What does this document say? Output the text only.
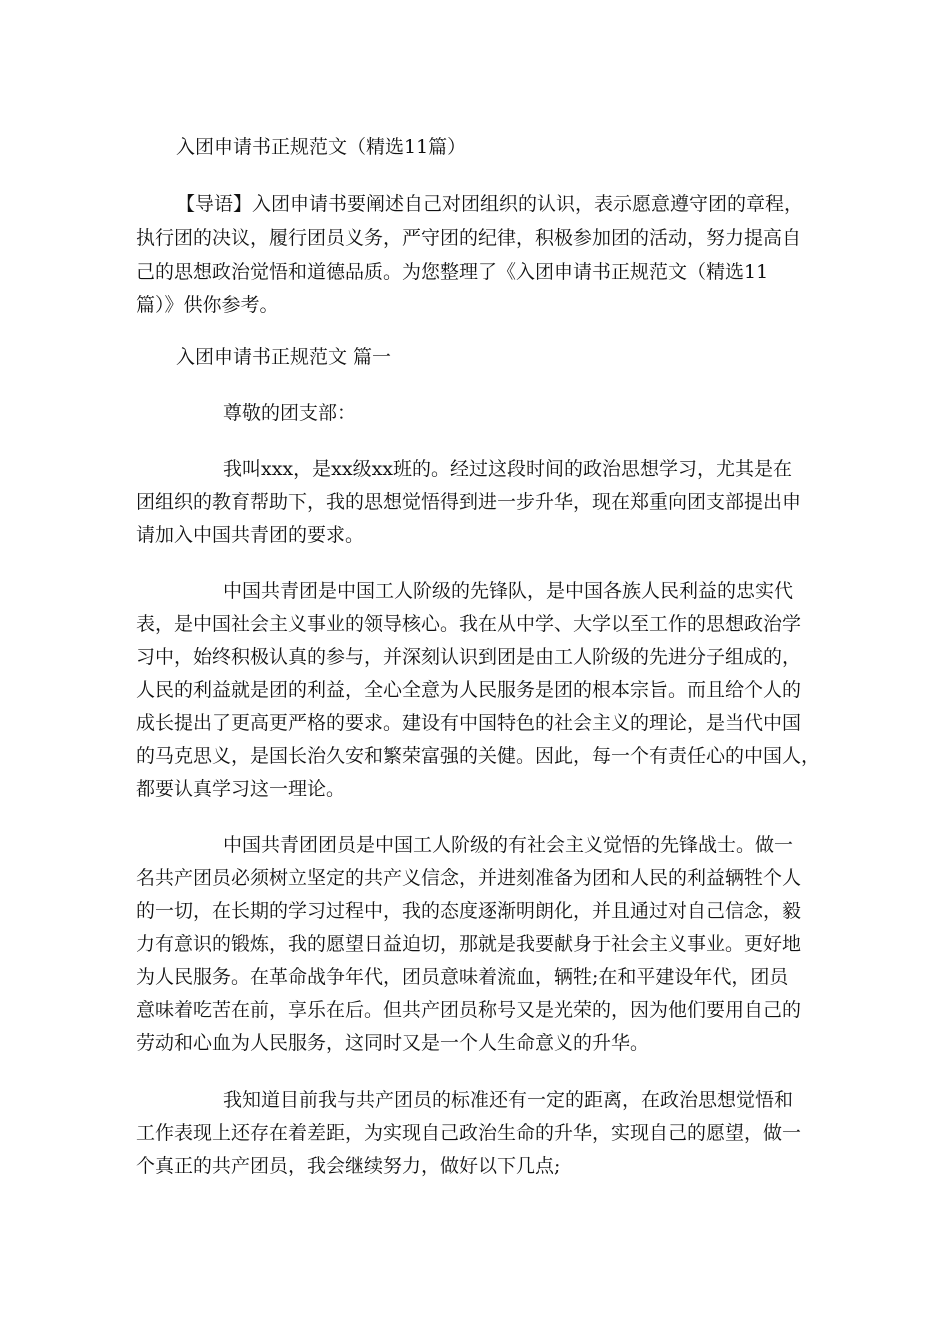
入团申请书正规范文（精选11篇）
【导语】入团申请书要阐述自己对团组织的认识，表示愿意遵守团的章程，
执行团的决议，履行团员义务，严守团的纪律，积极参加团的活动，努力提高自
己的思想政治觉悟和道德品质。为您整理了《入团申请书正规范文（精选11
篇）》供你参考。
入团申请书正规范文 篇一
尊敬的团支部：
我叫xxx，是xx级xx班的。经过这段时间的政治思想学习，尤其是在
团组织的教育帮助下，我的思想觉悟得到进一步升华，现在郑重向团支部提出申
请加入中国共青团的要求。
中国共青团是中国工人阶级的先锋队，是中国各族人民利益的忠实代
表，是中国社会主义事业的领导核心。我在从中学、大学以至工作的思想政治学
习中，始终积极认真的参与，并深刻认识到团是由工人阶级的先进分子组成的，
人民的利益就是团的利益，全心全意为人民服务是团的根本宗旨。而且给个人的
成长提出了更高更严格的要求。建设有中国特色的社会主义的理论，是当代中国
的马克思义，是国长治久安和繁荣富强的关健。因此，每一个有责任心的中国人，
都要认真学习这一理论。
中国共青团团员是中国工人阶级的有社会主义觉悟的先锋战士。做一
名共产团员必须树立坚定的共产义信念，并进刻准备为团和人民的利益辆牲个人
的一切，在长期的学习过程中，我的态度逐渐明朗化，并且通过对自己信念，毅
力有意识的锻炼，我的愿望日益迫切，那就是我要献身于社会主义事业。更好地
为人民服务。在革命战争年代，团员意味着流血，辆牲;在和平建设年代，团员
意味着吃苦在前，享乐在后。但共产团员称号又是光荣的，因为他们要用自己的
劳动和心血为人民服务，这同时又是一个人生命意义的升华。
我知道目前我与共产团员的标准还有一定的距离，在政治思想觉悟和
工作表现上还存在着差距，为实现自己政治生命的升华，实现自己的愿望，做一
个真正的共产团员，我会继续努力，做好以下几点;
